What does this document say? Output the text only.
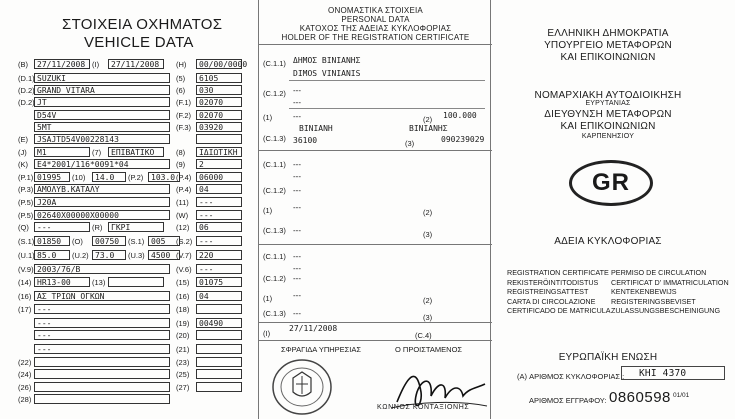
ΣΤΟΙΧΕΙΑ ΟΧΗΜΑΤΟΣ
VEHICLE DATA
(B)	27/11/2008 (I)	27/11/2008	(H)	00/00/0000
(D.1) SUZUKI	(5)	6105
(D.2) GRAND VITARA	(6)	030
(D.2) JT	(F.1)	02070
D54V	(F.2)	02070
5MT	(F.3)	03920
(E)	JSAJTD54V00228143
(J)	M1	(7)	ΕΠΙΒΑΤΙΚΟ	(8)	ΙΔΙΩΤΙΚΗ
(K)	E4*2001/116*0091*04	(9)	2
(P.1) 01995	(10)	14.0	(P.2) 103.0 (P.4) 06000
(P.3) ΑΜΟΛΥΒ.ΚΑΤΑΛΥ	(P.4) 04
(P.5) J20A	(11)	---
(P.5) 02640X00000X00000	(W)	---
(Q)	---	(R)	ΓΚΡΙ	(12)	06
(S.1) 01850	(O)	00750	(S.1) 005	(S.2) ---
(U.1) 85.0	(U.2) 73.0	(U.3) 4500 (V.7) 220
(V.9) 2003/76/B	(V.6) ---
(14) HR13-00	(13)	(15)	01075
(16) ΑΣ ΤΡΙΩΝ ΟΓΚΩΝ	(16)	04
(17) ---	(18)
---	(19)	00490
---	(20)
---	(21)
(22)	(23)
(24)	(25)
(26)	(27)
(28)
ΟΝΟΜΑΣΤΙΚΑ ΣΤΟΙΧΕΙΑ
PERSONAL DATA
ΚΑΤΟΧΟΣ ΤΗΣ ΑΔΕΙΑΣ ΚΥΚΛΟΦΟΡΙΑΣ
HOLDER OF THE REGISTRATION CERTIFICATE
(C.1.1) ΔΗΜΟΣ ΒΙΝΙΑΝΗΣ
DIMOS VINIANIS
(C.1.2) ---
---
(1)	---	(2) 100.000
(C.1.3)
ΒΙΝΙΑΝΗ	ΒΙΝΙΑΝΗΣ
36100	(3)	090239029
(C.1.1) ---
---
(C.1.2) ---
(1)	---
(2)
(C.1.3) ---	(3)
(C.1.1) ---
---
(C.1.2) ---
(1)	---
(2)
(C.1.3) ---	(3)
(I)
27/11/2008
(C.4)
ΣΦΡΑΓΙΔΑ ΥΠΗΡΕΣΙΑΣ	Ο ΠΡΟΙΣΤΑΜΕΝΟΣ
ΚΩΝΝΟΣ ΚΟΝΤΑΞΙΟΝΗΣ
ΕΛΛΗΝΙΚΗ ΔΗΜΟΚΡΑΤΙΑ
ΥΠΟΥΡΓΕΙΟ ΜΕΤΑΦΟΡΩΝ
ΚΑΙ ΕΠΙΚΟΙΝΩΝΙΩΝ
ΝΟΜΑΡΧΙΑΚΗ ΑΥΤΟΔΙΟΙΚΗΣΗ
ΕΥΡΥΤΑΝΙΑΣ
ΔΙΕΥΘΥΝΣΗ ΜΕΤΑΦΟΡΩΝ
ΚΑΙ ΕΠΙΚΟΙΝΩΝΙΩΝ
ΚΑΡΠΕΝΗΣΙΟΥ
GR
ΑΔΕΙΑ ΚΥΚΛΟΦΟΡΙΑΣ
REGISTRATION CERTIFICATE
REKISTERÖINTITODISTUS
REGISTREINGSATTEST
CARTA DI CIRCOLAZIONE
CERTIFICADO DE MATRICULA
PERMISO DE CIRCULATION
CERTIFICAT D' IMMATRICULATION
KENTEKENBEWIJS
REGISTERINGSBEVISET
ZULASSUNGSBESCHEINIGUNG
ΕΥΡΩΠΑΪΚΗ ΕΝΩΣΗ
(A) ΑΡΙΘΜΟΣ ΚΥΚΛΟΦΟΡΙΑΣ : ΚΗΙ 4370
ΑΡΙΘΜΟΣ ΕΓΓΡΑΦΟΥ: 0860598 01/01
